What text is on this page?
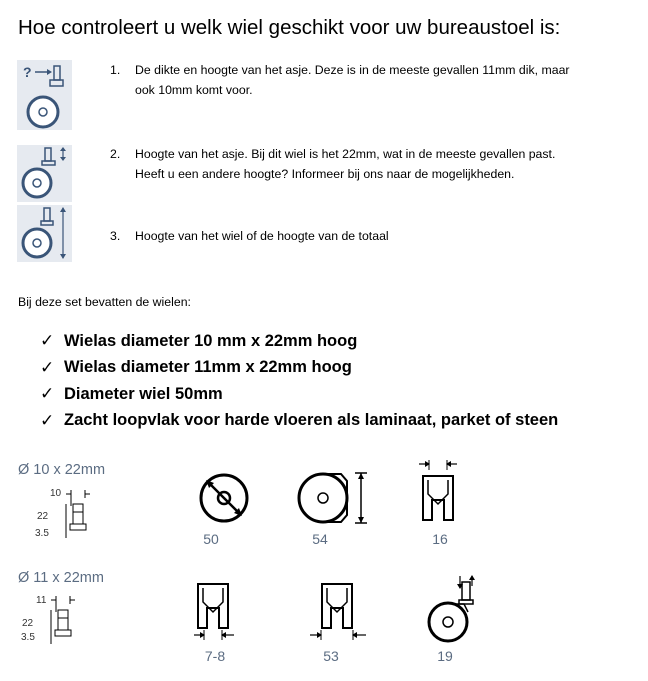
Hoe controleert u welk wiel geschikt voor uw bureaustoel is:
?	1. De dikte en hoogte van het asje. Deze is in de meeste gevallen 11mm dik, maar
ook 10mm komt voor.
2. Hoogte van het asje. Bij dit wiel is het 22mm, wat in de meeste gevallen past.
Heeft u een andere hoogte? Informeer bij ons naar de mogelijkheden.
3. Hoogte van het wiel of de hoogte van de totaal
Bij deze set bevatten de wielen:
✓ Wielas diameter 10 mm x 22mm hoog
✓ Wielas diameter 11mm x 22mm hoog
✓ Diameter wiel 50mm
✓ Zacht loopvlak voor harde vloeren als laminaat, parket of steen
Ø 10 x 22mm
10
22
3.5
Ø 11 x 22mm
11
22
3.5
50	54	16
7-8	53	19
